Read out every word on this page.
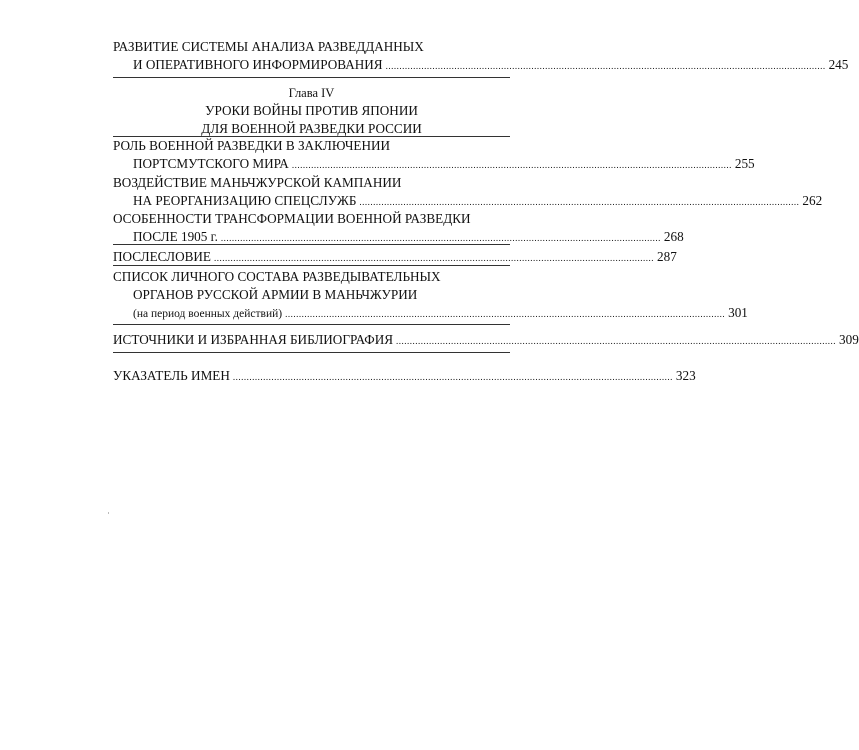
РАЗВИТИЕ СИСТЕМЫ АНАЛИЗА РАЗВЕДДАННЫХ
И ОПЕРАТИВНОГО ИНФОРМИРОВАНИЯ ................................................................................................................................................................ 245
Глава IV
УРОКИ ВОЙНЫ ПРОТИВ ЯПОНИИ
ДЛЯ ВОЕННОЙ РАЗВЕДКИ РОССИИ
РОЛЬ ВОЕННОЙ РАЗВЕДКИ В ЗАКЛЮЧЕНИИ
ПОРТСМУТСКОГО МИРА ................................................................................................................................................................ 255
ВОЗДЕЙСТВИЕ МАНЬЧЖУРСКОЙ КАМПАНИИ
НА РЕОРГАНИЗАЦИЮ СПЕЦСЛУЖБ ................................................................................................................................................................ 262
ОСОБЕННОСТИ ТРАНСФОРМАЦИИ ВОЕННОЙ РАЗВЕДКИ
ПОСЛЕ 1905 г. ................................................................................................................................................................ 268
ПОСЛЕСЛОВИЕ ................................................................................................................................................................ 287
СПИСОК ЛИЧНОГО СОСТАВА РАЗВЕДЫВАТЕЛЬНЫХ
ОРГАНОВ РУССКОЙ АРМИИ В МАНЬЧЖУРИИ
(на период военных действий) ................................................................................................................................................................ 301
ИСТОЧНИКИ И ИЗБРАННАЯ БИБЛИОГРАФИЯ ................................................................................................................................................................ 309
УКАЗАТЕЛЬ ИМЕН ................................................................................................................................................................ 323
